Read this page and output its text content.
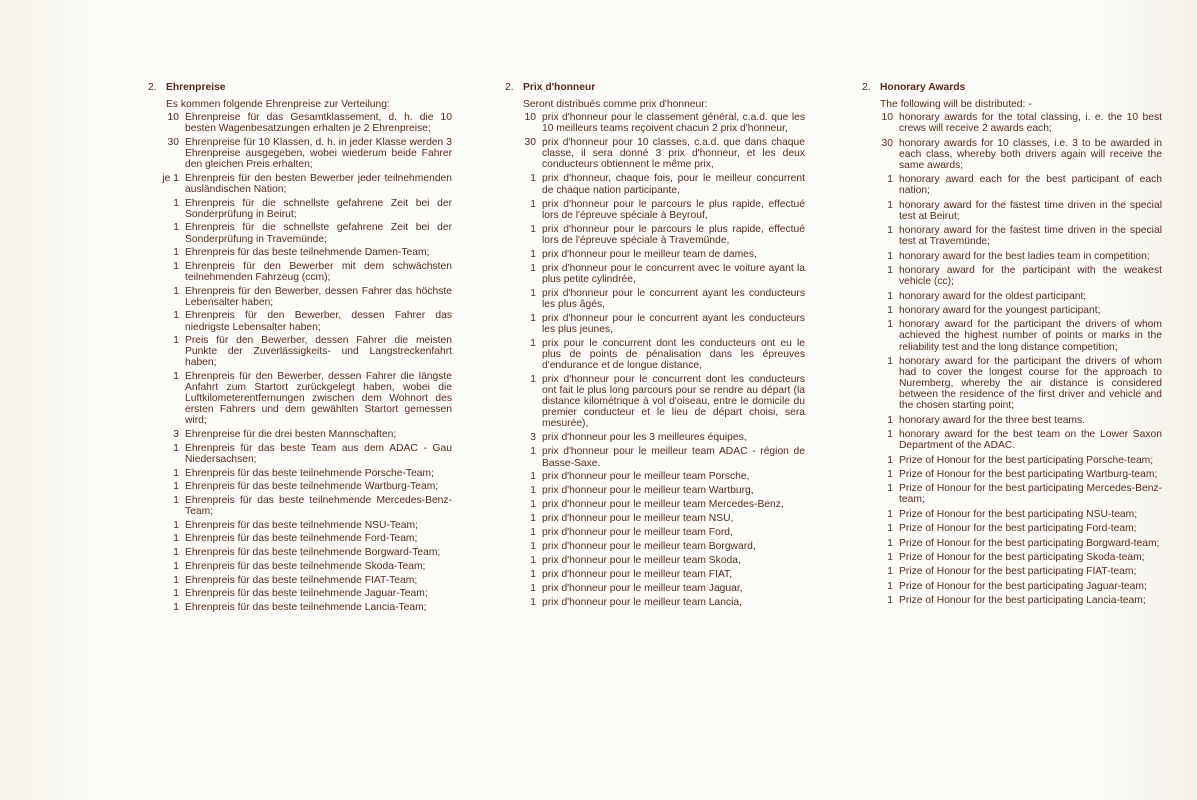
2. Ehrenpreise
Es kommen folgende Ehrenpreise zur Verteilung:
10 Ehrenpreise für das Gesamtklassement, d. h. die 10 besten Wagenbesatzungen erhalten je 2 Ehrenpreise;
30 Ehrenpreise für 10 Klassen, d. h. in jeder Klasse werden 3 Ehrenpreise ausgegeben, wobei wiederum beide Fahrer den gleichen Preis erhalten;
je 1 Ehrenpreis für den besten Bewerber jeder teilnehmenden ausländischen Nation;
1 Ehrenpreis für die schnellste gefahrene Zeit bei der Sonderprüfung in Beirut;
1 Ehrenpreis für die schnellste gefahrene Zeit bei der Sonderprüfung in Travemünde;
1 Ehrenpreis für das beste teilnehmende Damen-Team;
1 Ehrenpreis für den Bewerber mit dem schwächsten teilnehmenden Fahrzeug (ccm);
1 Ehrenpreis für den Bewerber, dessen Fahrer das höchste Lebensalter haben;
1 Ehrenpreis für den Bewerber, dessen Fahrer das niedrigste Lebensalter haben;
1 Preis für den Bewerber, dessen Fahrer die meisten Punkte der Zuverlässigkeits- und Langstreckenfahrt haben;
1 Ehrenpreis für den Bewerber, dessen Fahrer die längste Anfahrt zum Startort zurückgelegt haben, wobei die Luftkilometerentfernungen zwischen dem Wohnort des ersten Fahrers und dem gewählten Startort gemessen wird;
3 Ehrenpreise für die drei besten Mannschaften;
1 Ehrenpreis für das beste Team aus dem ADAC - Gau Niedersachsen;
1 Ehrenpreis für das beste teilnehmende Porsche-Team;
1 Ehrenpreis für das beste teilnehmende Wartburg-Team;
1 Ehrenpreis für das beste teilnehmende Mercedes-Benz-Team;
1 Ehrenpreis für das beste teilnehmende NSU-Team;
1 Ehrenpreis für das beste teilnehmende Ford-Team;
1 Ehrenpreis für das beste teilnehmende Borgward-Team;
1 Ehrenpreis für das beste teilnehmende Skoda-Team;
1 Ehrenpreis für das beste teilnehmende FIAT-Team;
1 Ehrenpreis für das beste teilnehmende Jaguar-Team;
1 Ehrenpreis für das beste teilnehmende Lancia-Team;
2. Prix d'honneur
Seront distribués comme prix d'honneur:
10 prix d'honneur pour le classement général, c.a.d. que les 10 meilleurs teams reçoivent chacun 2 prix d'honneur,
30 prix d'honneur pour 10 classes, c.a.d. que dans chaque classe, il sera donné 3 prix d'honneur, et les deux conducteurs obtiennent le même prix,
1 prix d'honneur, chaque fois, pour le meilleur concurrent de chaque nation participante,
1 prix d'honneur pour le parcours le plus rapide, effectué lors de l'épreuve spéciale à Beyrouf,
1 prix d'honneur pour le parcours le plus rapide, effectué lors de l'épreuve spéciale à Travemünde,
1 prix d'honneur pour le meilleur team de dames,
1 prix d'honneur pour le concurrent avec le voiture ayant la plus petite cylindrée,
1 prix d'honneur pour le concurrent ayant les conducteurs les plus âgés,
1 prix d'honneur pour le concurrent ayant les conducteurs les plus jeunes,
1 prix pour le concurrent dont les conducteurs ont eu le plus de points de pénalisation dans les épreuves d'endurance et de longue distance,
1 prix d'honneur pour le concurrent dont les conducteurs ont fait le plus long parcours pour se rendre au départ (la distance kilométrique à vol d'oiseau, entre le domicile du premier conducteur et le lieu de départ choisi, sera mesurée),
3 prix d'honneur pour les 3 meilleures équipes,
1 prix d'honneur pour le meilleur team ADAC - région de Basse-Saxe.
1 prix d'honneur pour le meilleur team Porsche,
1 prix d'honneur pour le meilleur team Wartburg,
1 prix d'honneur pour le meilleur team Mercedes-Benz,
1 prix d'honneur pour le meilleur team NSU,
1 prix d'honneur pour le meilleur team Ford,
1 prix d'honneur pour le meilleur team Borgward,
1 prix d'honneur pour le meilleur team Skoda,
1 prix d'honneur pour le meilleur team FIAT,
1 prix d'honneur pour le meilleur team Jaguar,
1 prix d'honneur pour le meilleur team Lancia,
2. Honorary Awards
The following will be distributed: -
10 honorary awards for the total classing, i. e. the 10 best crews will receive 2 awards each;
30 honorary awards for 10 classes, i.e. 3 to be awarded in each class, whereby both drivers again will receive the same awards;
1 honorary award each for the best participant of each nation;
1 honorary award for the fastest time driven in the special test at Beirut;
1 honorary award for the fastest time driven in the special test at Travemünde;
1 honorary award for the best ladies team in competition;
1 honorary award for the participant with the weakest vehicle (cc);
1 honorary award for the oldest participant;
1 honorary award for the youngest participant;
1 honorary award for the participant the drivers of whom achieved the highest number of points or marks in the reliability test and the long distance competition;
1 honorary award for the participant the drivers of whom had to cover the longest course for the approach to Nuremberg, whereby the air distance is considered between the residence of the first driver and vehicle and the chosen starting point;
1 honorary award for the three best teams.
1 honorary award for the best team on the Lower Saxon Department of the ADAC.
1 Prize of Honour for the best participating Porsche-team;
1 Prize of Honour for the best participating Wartburg-team;
1 Prize of Honour for the best participating Mercedes-Benz-team;
1 Prize of Honour for the best participating NSU-team;
1 Prize of Honour for the best participating Ford-team;
1 Prize of Honour for the best participating Borgward-team;
1 Prize of Honour for the best participating Skoda-team;
1 Prize of Honour for the best participating FIAT-team;
1 Prize of Honour for the best participating Jaguar-team;
1 Prize of Honour for the best participating Lancia-team;
